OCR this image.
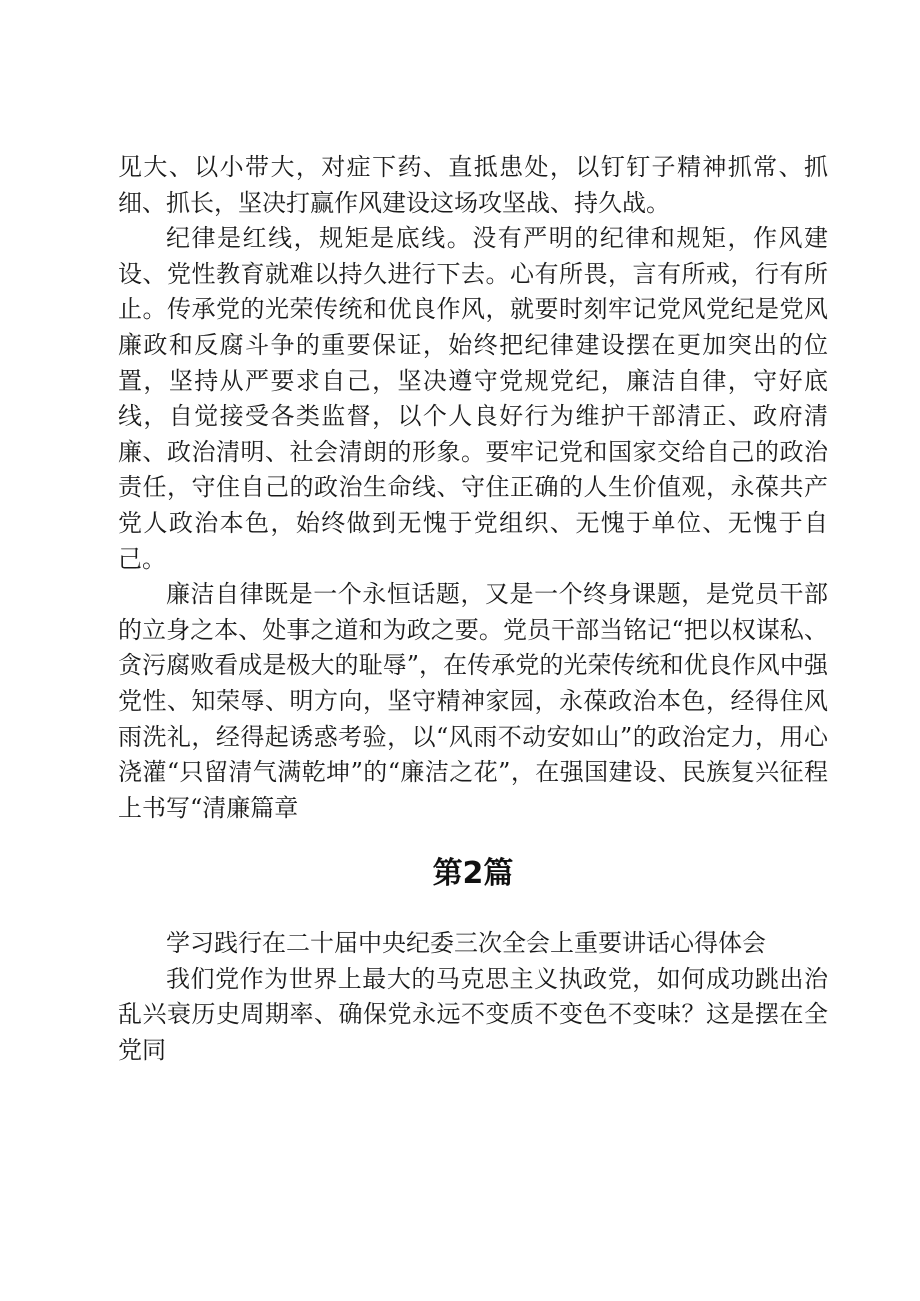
见大、以小带大，对症下药、直抵患处，以钉钉子精神抓常、抓细、抓长，坚决打赢作风建设这场攻坚战、持久战。

纪律是红线，规矩是底线。没有严明的纪律和规矩，作风建设、党性教育就难以持久进行下去。心有所畏，言有所戒，行有所止。传承党的光荣传统和优良作风，就要时刻牢记党风党纪是党风廉政和反腐斗争的重要保证，始终把纪律建设摆在更加突出的位置，坚持从严要求自己，坚决遵守党规党纪，廉洁自律，守好底线，自觉接受各类监督，以个人良好行为维护干部清正、政府清廉、政治清明、社会清朗的形象。要牢记党和国家交给自己的政治责任，守住自己的政治生命线、守住正确的人生价值观，永葆共产党人政治本色，始终做到无愧于党组织、无愧于单位、无愧于自己。

廉洁自律既是一个永恒话题，又是一个终身课题，是党员干部的立身之本、处事之道和为政之要。党员干部当铭记“把以权谋私、贪污腐败看成是极大的耻辱”，在传承党的光荣传统和优良作风中强党性、知荣辱、明方向，坚守精神家园，永葆政治本色，经得住风雨洗礼，经得起诱惑考验，以“风雨不动安如山”的政治定力，用心浇灌“只留清气满乾坤”的“廉洁之花”，在强国建设、民族复兴征程上书写“清廉篇章

第2篇

学习践行在二十届中央纪委三次全会上重要讲话心得体会

我们党作为世界上最大的马克思主义执政党，如何成功跳出治乱兴衰历史周期率、确保党永远不变质不变色不变味？这是摆在全党同
